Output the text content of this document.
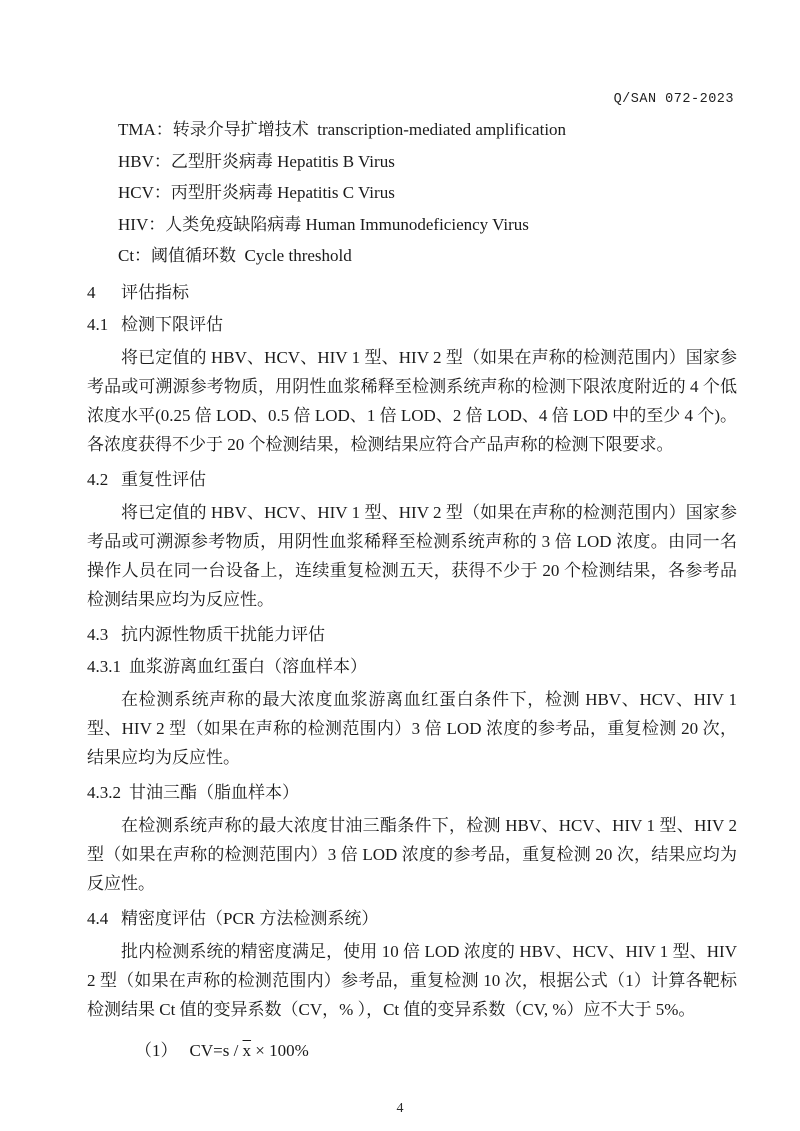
Q/SAN 072-2023
TMA：转录介导扩增技术  transcription-mediated amplification
HBV：乙型肝炎病毒 Hepatitis B Virus
HCV：丙型肝炎病毒 Hepatitis C Virus
HIV：人类免疫缺陷病毒 Human Immunodeficiency Virus
Ct：阈值循环数  Cycle threshold
4 评估指标
4.1 检测下限评估
将已定值的 HBV、HCV、HIV 1 型、HIV 2 型（如果在声称的检测范围内）国家参考品或可溯源参考物质，用阴性血浆稀释至检测系统声称的检测下限浓度附近的 4 个低浓度水平(0.25 倍 LOD、0.5 倍 LOD、1 倍 LOD、2 倍 LOD、4 倍 LOD 中的至少 4 个)。各浓度获得不少于 20 个检测结果，检测结果应符合产品声称的检测下限要求。
4.2 重复性评估
将已定值的 HBV、HCV、HIV 1 型、HIV 2 型（如果在声称的检测范围内）国家参考品或可溯源参考物质，用阴性血浆稀释至检测系统声称的 3 倍 LOD 浓度。由同一名操作人员在同一台设备上，连续重复检测五天，获得不少于 20 个检测结果，各参考品检测结果应均为反应性。
4.3 抗内源性物质干扰能力评估
4.3.1 血浆游离血红蛋白（溶血样本）
在检测系统声称的最大浓度血浆游离血红蛋白条件下，检测 HBV、HCV、HIV 1 型、HIV 2 型（如果在声称的检测范围内）3 倍 LOD 浓度的参考品，重复检测 20 次，结果应均为反应性。
4.3.2 甘油三酯（脂血样本）
在检测系统声称的最大浓度甘油三酯条件下，检测 HBV、HCV、HIV 1 型、HIV 2 型（如果在声称的检测范围内）3 倍 LOD 浓度的参考品，重复检测 20 次，结果应均为反应性。
4.4 精密度评估（PCR 方法检测系统）
批内检测系统的精密度满足，使用 10 倍 LOD 浓度的 HBV、HCV、HIV 1 型、HIV 2 型（如果在声称的检测范围内）参考品，重复检测 10 次，根据公式（1）计算各靶标检测结果 Ct 值的变异系数（CV，% ），Ct 值的变异系数（CV, %）应不大于 5%。
（1） $CV=s / \overline{x} \times 100\%$
4
